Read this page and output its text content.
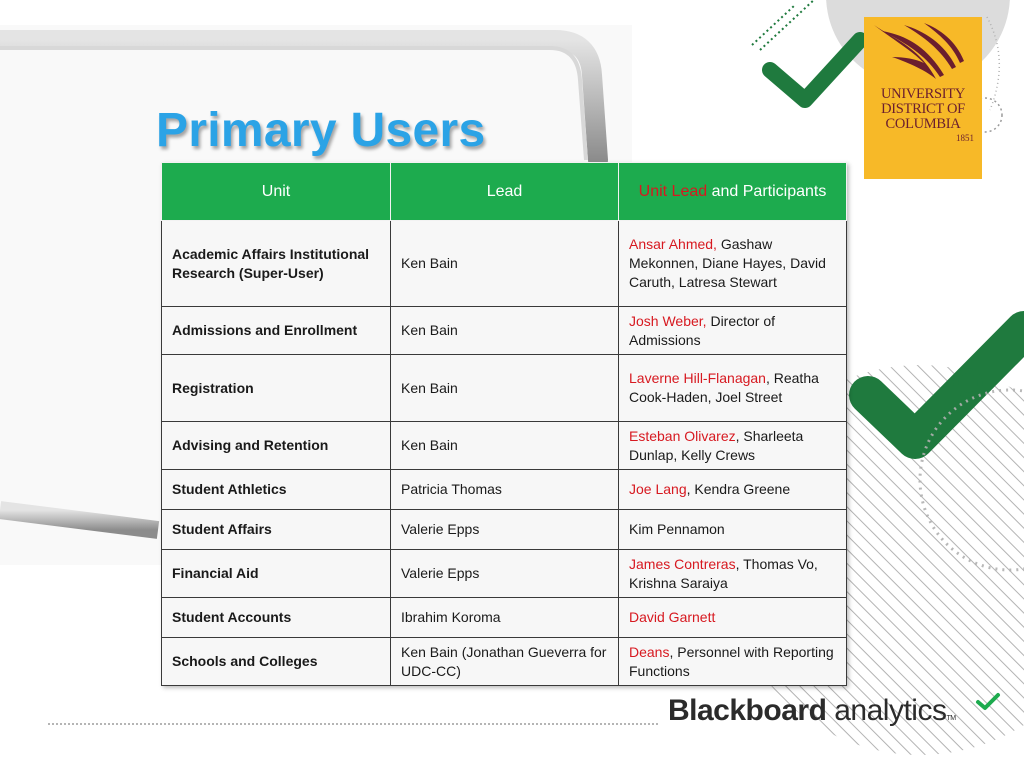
Primary Users
UNIVERSITY
DISTRICT OF
COLUMBIA
1851
Unit	Lead	Unit Lead and Participants
Academic Affairs Institutional Research (Super-User)	Ken Bain	Ansar Ahmed, Gashaw Mekonnen, Diane Hayes, David Caruth, Latresa Stewart
Admissions and Enrollment	Ken Bain	Josh Weber, Director of Admissions
Registration	Ken Bain	Laverne Hill-Flanagan, Reatha Cook-Haden, Joel Street
Advising and Retention	Ken Bain	Esteban Olivarez, Sharleeta Dunlap, Kelly Crews
Student Athletics	Patricia Thomas	Joe Lang, Kendra Greene
Student Affairs	Valerie Epps	Kim Pennamon
Financial Aid	Valerie Epps	James Contreras, Thomas Vo, Krishna Saraiya
Student Accounts	Ibrahim Koroma	David Garnett
Schools and Colleges	Ken Bain (Jonathan Gueverra for UDC-CC)	Deans, Personnel with Reporting Functions
Blackboard analyticsTM
